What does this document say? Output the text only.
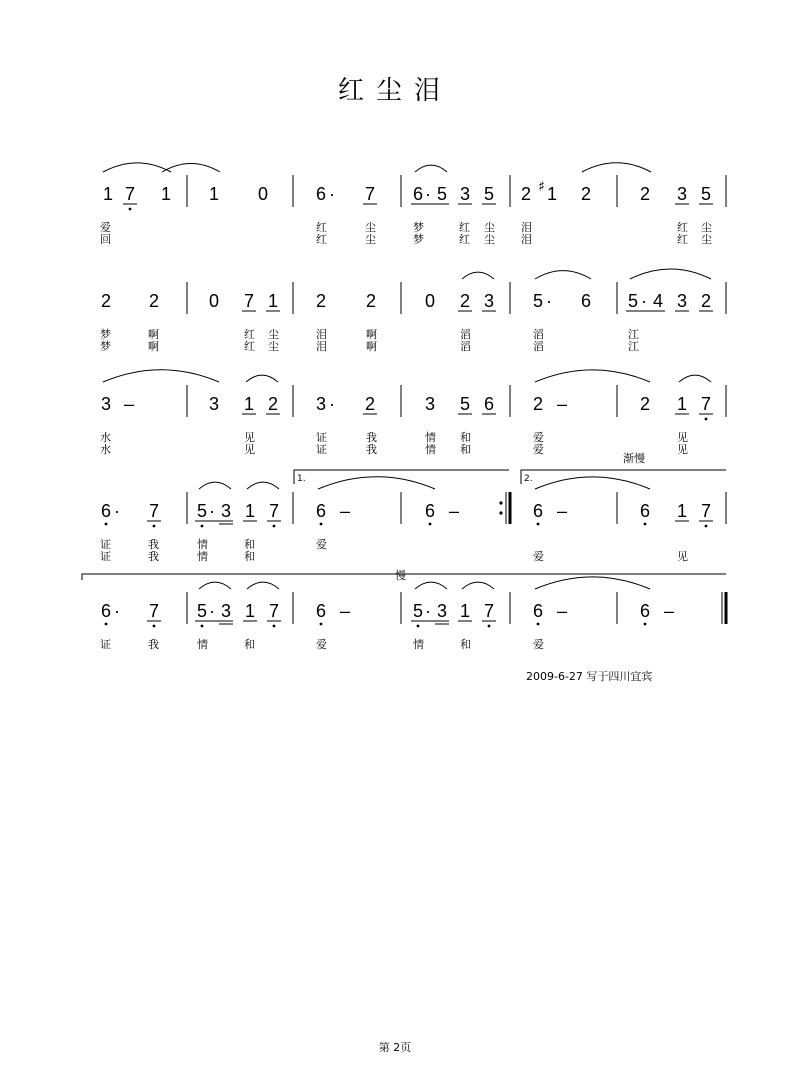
红尘泪
1 7 1 1 0	6 · 7 6 · 5 3 5 2 ♯ 1 2	2 3 5
爱	红	尘	梦	红 尘 泪	红 尘
回	红	尘	梦	红 尘 泪	红 尘
2 2	0 7 1 2 2	0 2 3 5 · 6 5 · 4 3 2
梦	啊	红 尘	泪	啊	滔	滔	江
梦	啊	红 尘	泪	啊	滔	滔	江
3 –	3 1 2 3 · 2	3 5 6 2 –	2 1 7
水	见	证	我	情 和	爱	见
水	见	证	我	情 和	爱	见
6 · 7 5 · 3 1 7 6 –	6 –	6 –	6 1 7
证	我	情	和	爱
证	我	情	和	爱	见
6 · 7 5 · 3 1 7 6 –	5 · 3 1 7 6 –	6 –
证	我	情	和	爱	情	和	爱
渐慢
慢
1.	2.
2009-6-27 写于四川宜宾
第 2页
